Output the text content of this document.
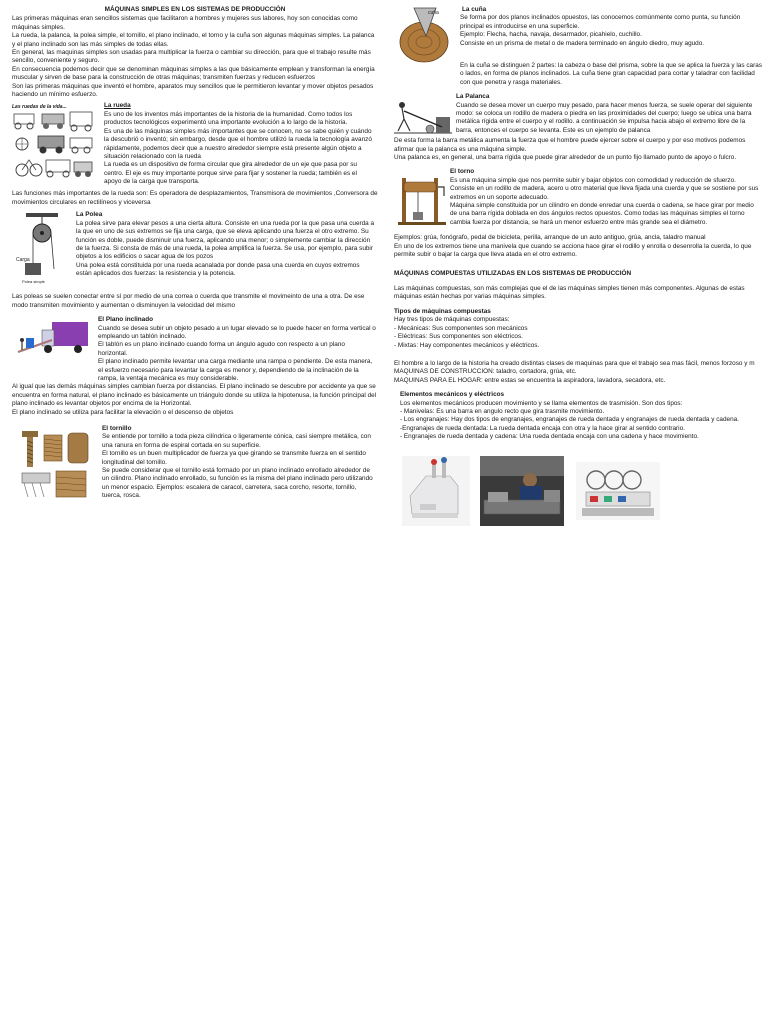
MÁQUINAS SIMPLES EN LOS SISTEMAS DE PRODUCCIÓN

Las primeras máquinas eran sencillos sistemas que facilitaron a hombres y mujeres sus labores, hoy son conocidas como máquinas simples.

La rueda, la palanca, la polea simple, el tornillo, el plano inclinado, el torno y la cuña son algunas máquinas simples. La palanca y el plano inclinado son las más simples de todas ellas.

En general, las maquinas simples son usadas para multiplicar la fuerza o cambiar su dirección, para que el trabajo resulte más sencillo, conveniente y seguro.

En consecuencia podemos decir que se denominan máquinas simples a las que básicamente emplean y transforman la energía muscular y sirven de base para la construcción de otras máquinas; transmiten fuerzas y reducen esfuerzos

Son las primeras máquinas que inventó el hombre, aparatos muy sencillos que le permitieron levantar y mover objetos pesados haciendo un mínimo esfuerzo.

Las ruedas de la vida...	La rueda

Es uno de los inventos más importantes de la historia de la humanidad. Como todos los productos tecnológicos experimentó una importante evolución a lo largo de la historia.

Es una de las máquinas simples más importantes que se conocen, no se sabe quién y cuándo la descubrió o inventó; sin embargo, desde que el hombre utilizó la rueda la tecnología avanzó rápidamente, podemos decir que a nuestro alrededor siempre está presente algún objeto a situación relacionado con la rueda

La rueda es un dispositivo de forma circular que gira alrededor de un eje que pasa por su centro. El eje es muy importante porque sirve para fijar y sostener la rueda; también es el apoyo de la carga que transporta.

Las funciones más importantes de la rueda son: Es operadora de desplazamientos, Transmisora de movimientos ,Conversora de movimientos circulares en rectilíneos y viceversa

Carga
Polea simple

La Polea

La polea sirve para elevar pesos a una cierta altura. Consiste en una rueda por la que pasa una cuerda a la que en uno de sus extremos se fija una carga, que se eleva aplicando una fuerza el otro extremo. Su función es doble, puede disminuir una fuerza, aplicando una menor; o simplemente cambiar la dirección de la fuerza. Si consta de más de una rueda, la polea amplifica la fuerza. Se usa, por ejemplo, para subir objetos a los edificios o sacar agua de los pozos

Una polea está constituida por una rueda acanalada por donde pasa una cuerda en cuyos extremos están aplicados dos fuerzas: la resistencia y la potencia.

Las poleas se suelen conectar entre sí por medio de una correa o cuerda que transmite el movimeinto de una a otra. De ese modo transmiten movimiento y aumentan o disminuyen la velocidad del mismo

El Plano inclinado

Cuando se desea subir un objeto pesado a un lugar elevado se lo puede hacer en forma vertical o empleando un tablón inclinado.

El tablón es un plano inclinado cuando forma un ángulo agudo con respecto a un plano horizontal.

El plano inclinado permite levantar una carga mediante una rampa o pendiente. De esta manera, el esfuerzo necesario para levantar la carga es menor y, dependiendo de la inclinación de la rampa, la ventaja mecánica es muy considerable.

Al igual que las demás máquinas simples cambian fuerza por distancias. El plano inclinado se descubre por accidente ya que se encuentra en forma natural, el plano inclinado es básicamente un triángulo donde su utiliza la hipotenusa, la función principal del plano inclinado es levantar objetos por encima de la Horizontal.

El plano inclinado se utiliza para facilitar la elevación o el descenso de objetos

El tornillo

Se entiende por tornillo a toda pieza cilíndrica o ligeramente cónica, casi siempre metálica, con una ranura en forma de espiral cortada en su superficie.

El tornillo es un buen multiplicador de fuerza ya que girando se transmite fuerza en el sentido longitudinal del tornillo.

Se puede considerar que el tornillo está formado por un plano inclinado enrollado alrededor de un cilindro. Plano inclinado enrollado, su función es la misma del plano inclinado pero utilizando un menor espacio. Ejemplos: escalera de caracol, carretera, saca corcho, resorte, tornillo, tuerca, rosca.

cuña	La cuña

Se forma por dos planos inclinados opuestos, las conocemos comúnmente como punta, su función principal es introducirse en una superficie.

Ejemplo: Flecha, hacha, navaja, desarmador, picahielo, cuchillo.

Consiste en un prisma de metal o de madera terminado en ángulo diedro, muy agudo.

En la cuña se distinguen 2 partes: la cabeza o base del prisma, sobre la que se aplica la fuerza y las caras o lados, en forma de planos inclinados. La cuña tiene gran capacidad para cortar y taladrar con facilidad con que penetra y rasga materiales.

La Palanca

Cuando se desea mover un cuerpo muy pesado, para hacer menos fuerza, se suele operar del siguiente modo: se coloca un rodillo de madera o piedra en las proximidades del cuerpo; luego se ubica una barra metálica rígida entre el cuerpo y el rodillo. a continuación se impulsa hacia abajo el extremo libre de la barra, entonces el cuerpo se levanta. Este es un ejemplo de palanca

De esta forma la barra metálica aumenta la fuerza que el hombre puede ejercer sobre el cuerpo y por eso motivos podemos afirmar que la palanca es una máquina simple.

Una palanca es, en general, una barra rígida que puede girar alrededor de un punto fijo llamado punto de apoyo o fulcro.

El torno

Es una máquina simple que nos permite subir y bajar objetos con comodidad y reducción de sfuerzo. Consiste en un rodillo de madera, acero u otro material que lleva fijada una cuerda y que se sostiene por sus extremos en un soporte adecuado.

Máquina simple constituida por un cilindro en donde enredar una cuerda o cadena, se hace girar por medio de una barra rígida doblada en dos ángulos rectos opuestos. Como todas las máquinas simples el torno cambia fuerza por distancia, se hará un menor esfuerzo entre más grande sea el diámetro.

Ejemplos: grúa, fonógrafo, pedal de bicicleta, perilla, arranque de un auto antiguo, grúa, ancla, taladro manual

En uno de los extremos tiene una manivela que cuando se acciona hace girar el rodillo y enrolla o desenrolla la cuerda, lo que permite subir o bajar la carga que lleva atada en el otro extremo.

MÁQUINAS COMPUESTAS UTILIZADAS EN LOS SISTEMAS DE PRODUCCIÓN

Las máquinas compuestas, son más complejas que el de las máquinas simples tienen más componentes. Algunas de estas máquinas están hechas por varias máquinas simples.

Tipos de máquinas compuestas

Hay tres tipos de máquinas compuestas:

- Mecánicas: Sus componentes son mecánicos

- Eléctricas: Sus componentes son eléctricos.

- Mixtas: Hay componentes mecánicos y eléctricos.

El hombre a lo largo de la historia ha creado distintas clases de maquinas para que el trabajo sea mas fácil, menos forzoso y m

MAQUINAS DE CONSTRUCCION: taladro, cortadora, grúa, etc.

MAQUINAS PARA EL HOGAR: entre estas se encuentra la aspiradora, lavadora, secadora, etc.

Elementos mecánicos y eléctricos

Los elementos mecánicos producen movimiento y se llama elementos de trasmisión. Son dos tipos:

- Manivelas: Es una barra en angulo recto que gira trasmite movimiento.

- Los engranajes: Hay dos tipos de engranajes, engranajes de rueda dentada y engranajes de rueda dentada y cadena.

-Engranajes de rueda dentada: La rueda dentada encaja con otra y la hace girar al sentido contrario.

- Engranajes de rueda dentada y cadena: Una rueda dentada encaja con una cadena y hace movimiento.
